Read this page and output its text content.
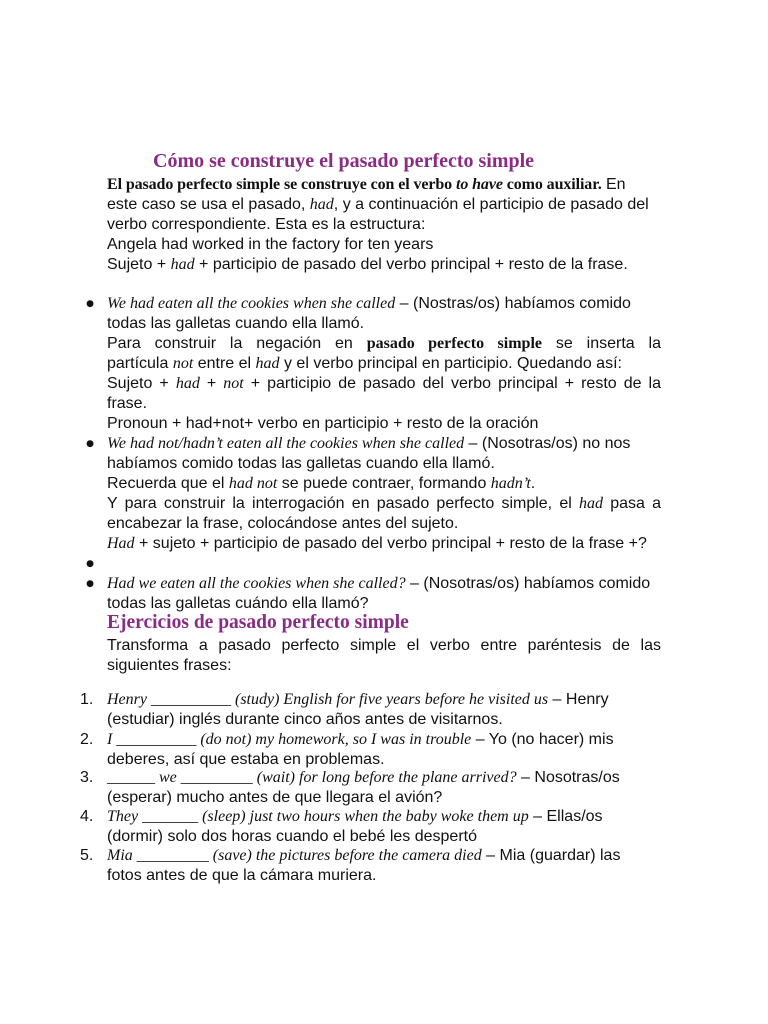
Cómo se construye el pasado perfecto simple
El pasado perfecto simple se construye con el verbo to have como auxiliar. En
este caso se usa el pasado, had, y a continuación el participio de pasado del
verbo correspondiente. Esta es la estructura:
Angela had worked in the factory for ten years
Sujeto + had + participio de pasado del verbo principal + resto de la frase.
● We had eaten all the cookies when she called – (Nostras/os) habíamos comido
todas las galletas cuando ella llamó.
Para construir la negación en pasado perfecto simple se inserta la
partícula not entre el had y el verbo principal en participio. Quedando así:
Sujeto + had + not + participio de pasado del verbo principal + resto de la
frase.
Pronoun + had+not+ verbo en participio + resto de la oración
● We had not/hadn’t eaten all the cookies when she called – (Nosotras/os) no nos
habíamos comido todas las galletas cuando ella llamó.
Recuerda que el had not se puede contraer, formando hadn’t.
Y para construir la interrogación en pasado perfecto simple, el had pasa a
encabezar la frase, colocándose antes del sujeto.
Had + sujeto + participio de pasado del verbo principal + resto de la frase +?
●
● Had we eaten all the cookies when she called? – (Nosotras/os) habíamos comido
todas las galletas cuándo ella llamó?
Ejercicios de pasado perfecto simple
Transforma a pasado perfecto simple el verbo entre paréntesis de las
siguientes frases:
1. Henry __________ (study) English for five years before he visited us – Henry
(estudiar) inglés durante cinco años antes de visitarnos.
2. I __________ (do not) my homework, so I was in trouble – Yo (no hacer) mis
deberes, así que estaba en problemas.
3. ______ we _________ (wait) for long before the plane arrived? – Nosotras/os
(esperar) mucho antes de que llegara el avión?
4. They _______ (sleep) just two hours when the baby woke them up – Ellas/os
(dormir) solo dos horas cuando el bebé les despertó
5. Mia _________ (save) the pictures before the camera died – Mia (guardar) las
fotos antes de que la cámara muriera.
